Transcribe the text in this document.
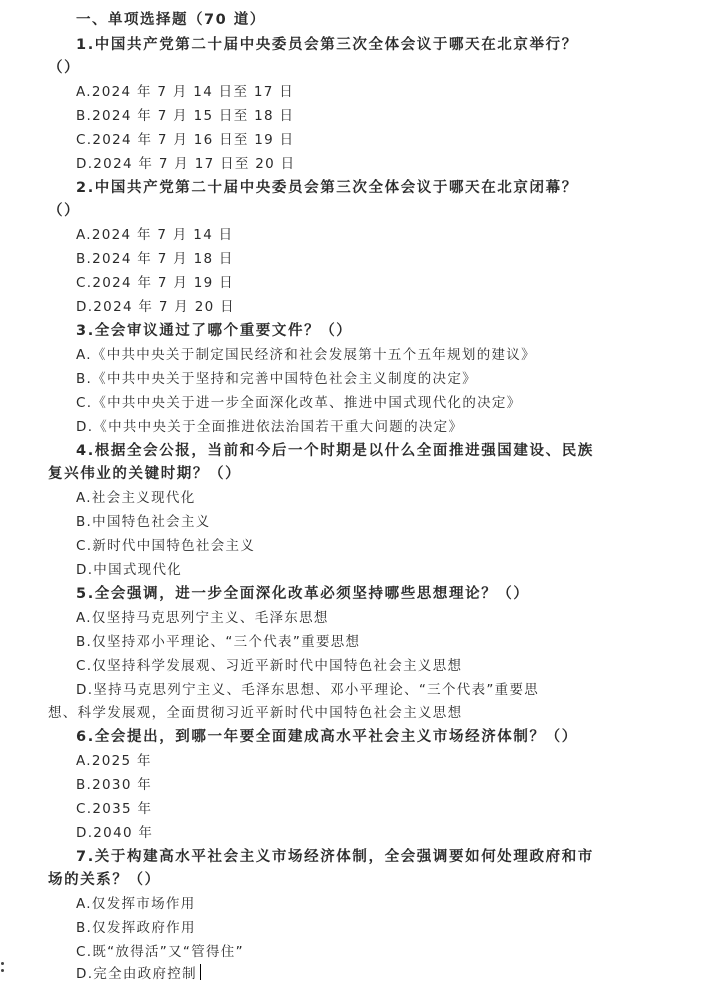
一、单项选择题（70 道）
1.中国共产党第二十届中央委员会第三次全体会议于哪天在北京举行？
（）
A.2024 年 7 月 14 日至 17 日
B.2024 年 7 月 15 日至 18 日
C.2024 年 7 月 16 日至 19 日
D.2024 年 7 月 17 日至 20 日
2.中国共产党第二十届中央委员会第三次全体会议于哪天在北京闭幕？
（）
A.2024 年 7 月 14 日
B.2024 年 7 月 18 日
C.2024 年 7 月 19 日
D.2024 年 7 月 20 日
3.全会审议通过了哪个重要文件？（）
A.《中共中央关于制定国民经济和社会发展第十五个五年规划的建议》
B.《中共中央关于坚持和完善中国特色社会主义制度的决定》
C.《中共中央关于进一步全面深化改革、推进中国式现代化的决定》
D.《中共中央关于全面推进依法治国若干重大问题的决定》
4.根据全会公报，当前和今后一个时期是以什么全面推进强国建设、民族
复兴伟业的关键时期？（）
A.社会主义现代化
B.中国特色社会主义
C.新时代中国特色社会主义
D.中国式现代化
5.全会强调，进一步全面深化改革必须坚持哪些思想理论？（）
A.仅坚持马克思列宁主义、毛泽东思想
B.仅坚持邓小平理论、“三个代表”重要思想
C.仅坚持科学发展观、习近平新时代中国特色社会主义思想
D.坚持马克思列宁主义、毛泽东思想、邓小平理论、“三个代表”重要思
想、科学发展观，全面贯彻习近平新时代中国特色社会主义思想
6.全会提出，到哪一年要全面建成高水平社会主义市场经济体制？（）
A.2025 年
B.2030 年
C.2035 年
D.2040 年
7.关于构建高水平社会主义市场经济体制，全会强调要如何处理政府和市
场的关系？（）
A.仅发挥市场作用
B.仅发挥政府作用
C.既“放得活”又“管得住”
D.完全由政府控制
